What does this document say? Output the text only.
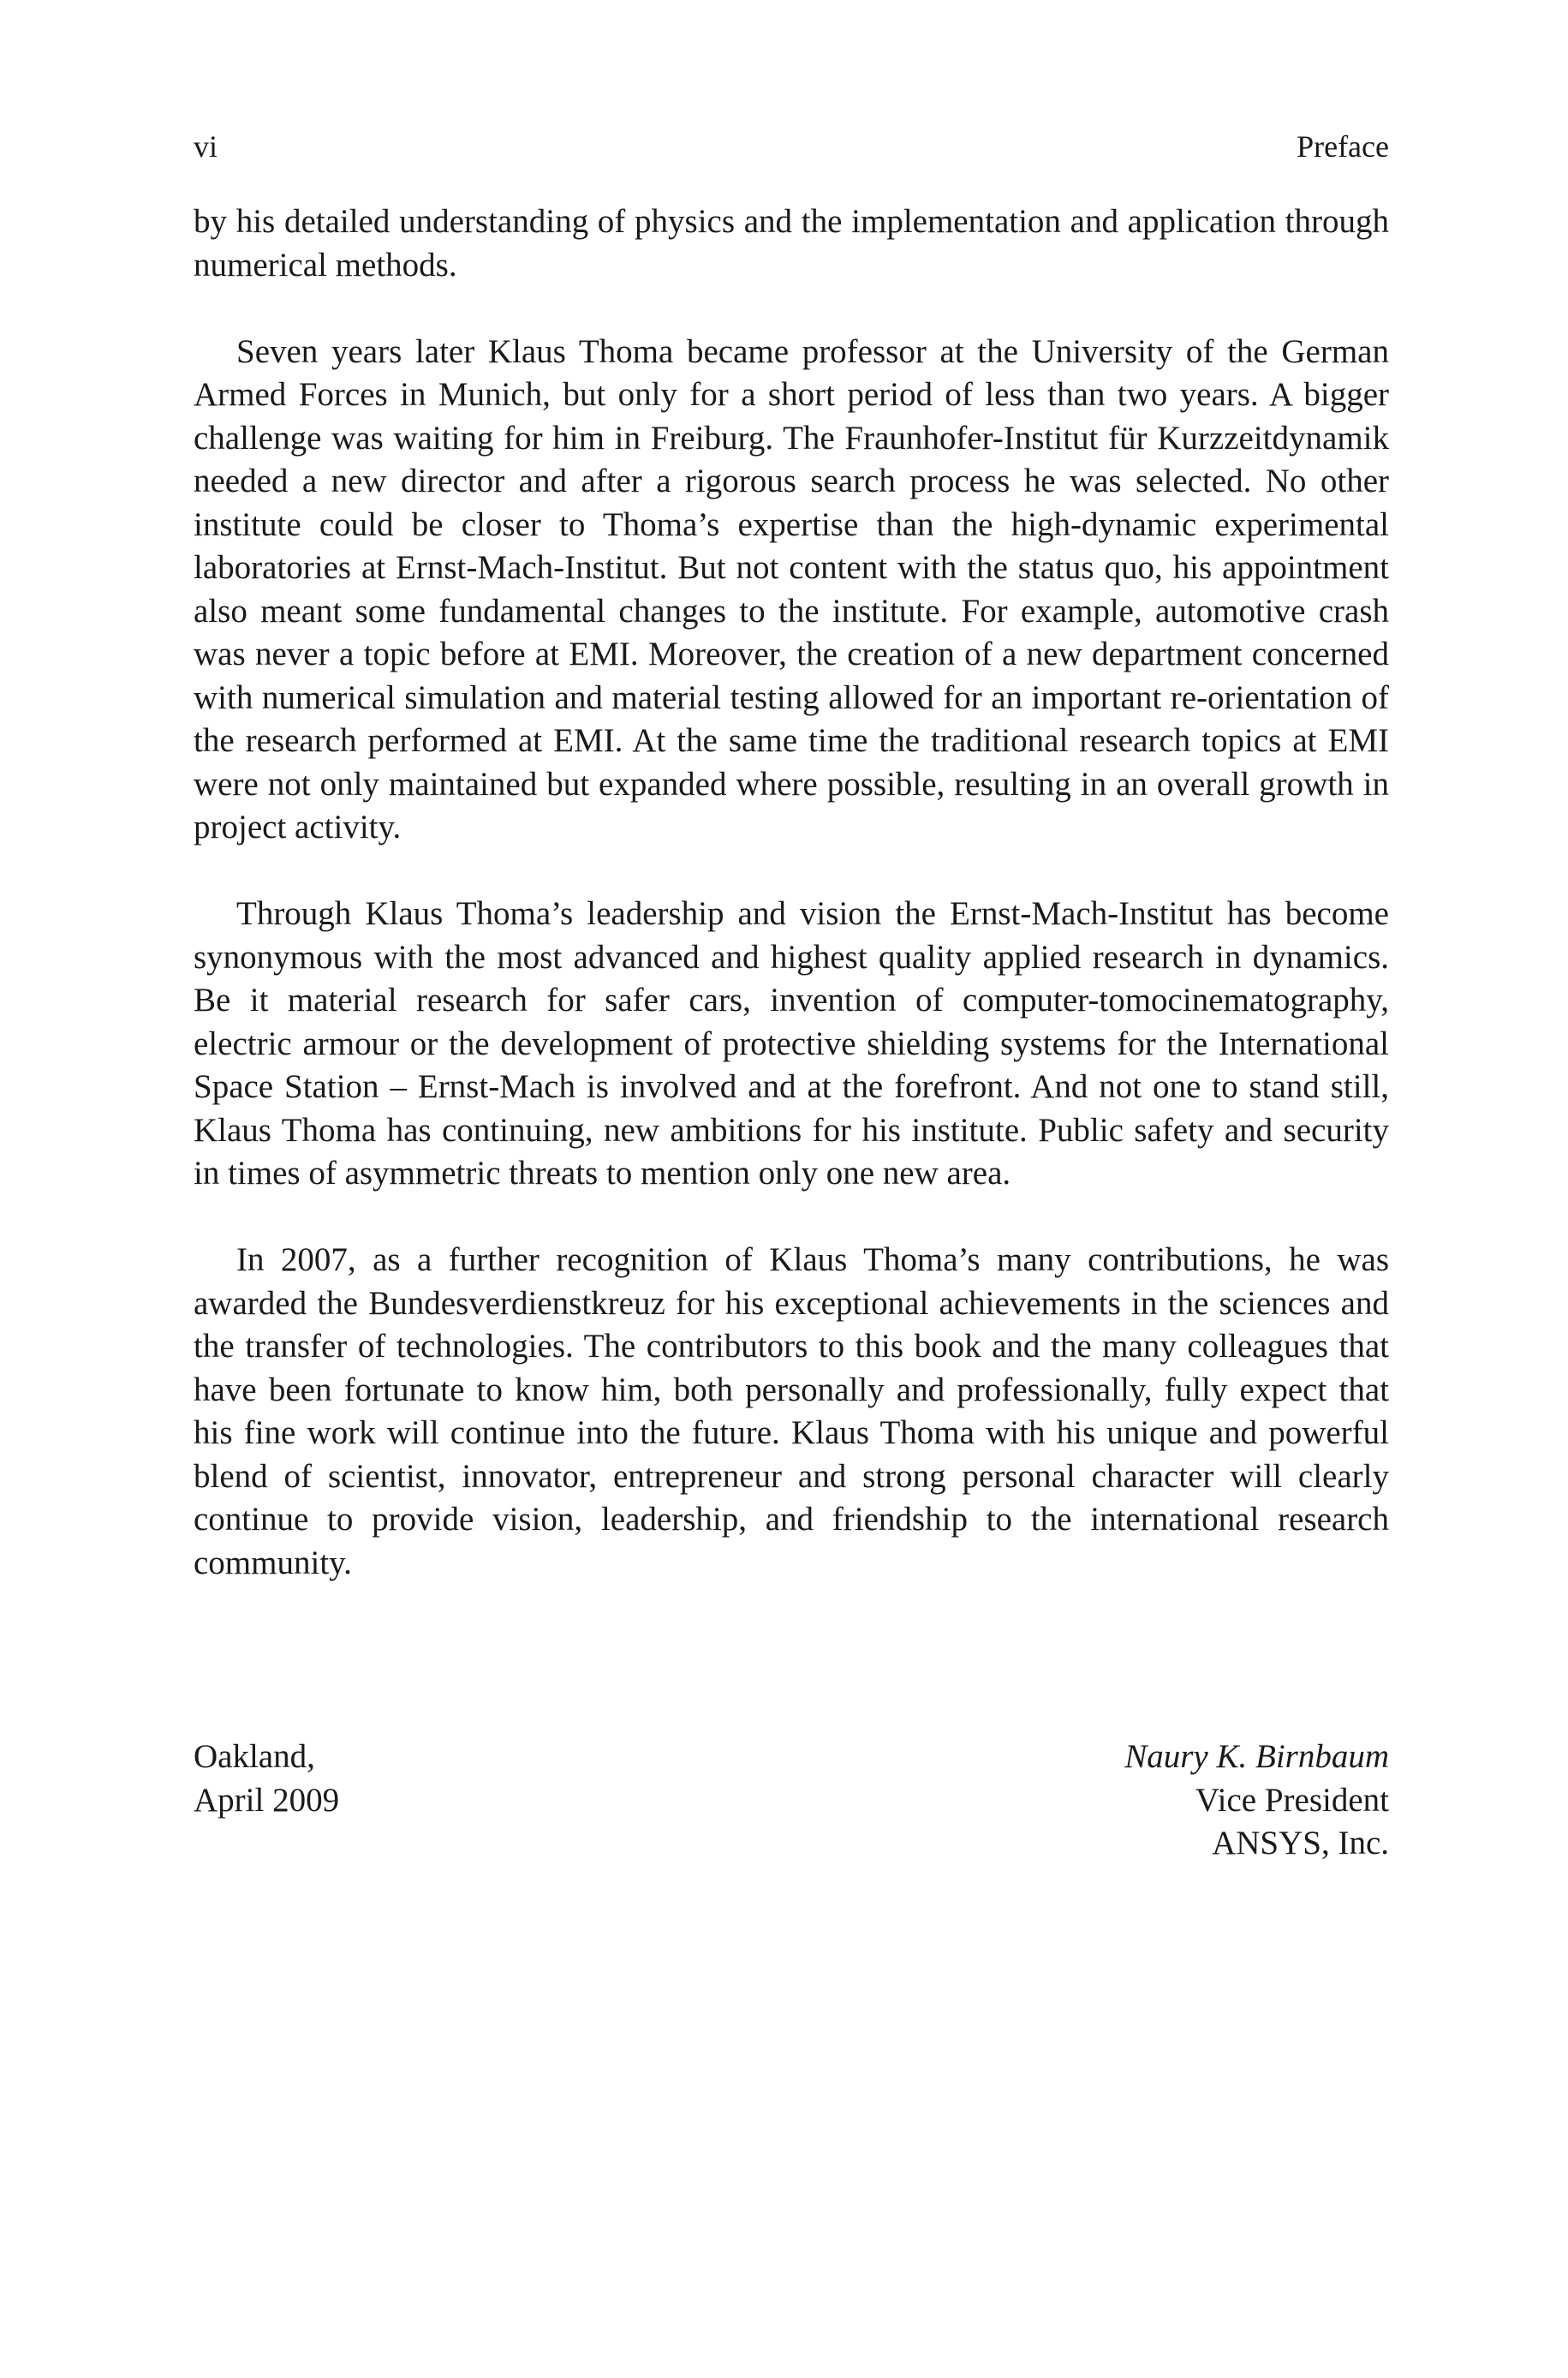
vi	Preface

by his detailed understanding of physics and the implementation and application through numerical methods.

Seven years later Klaus Thoma became professor at the University of the German Armed Forces in Munich, but only for a short period of less than two years. A bigger challenge was waiting for him in Freiburg. The Fraunhofer-Institut für Kurzzeitdynamik needed a new director and after a rigorous search process he was selected. No other institute could be closer to Thoma’s expertise than the high-dynamic experimental laboratories at Ernst-Mach-Institut. But not content with the status quo, his appointment also meant some fundamental changes to the institute. For example, automotive crash was never a topic before at EMI. Moreover, the creation of a new department concerned with numerical simulation and material testing allowed for an important re-orientation of the research performed at EMI. At the same time the traditional research topics at EMI were not only maintained but expanded where possible, resulting in an overall growth in project activity.

Through Klaus Thoma’s leadership and vision the Ernst-Mach-Institut has become synonymous with the most advanced and highest quality applied research in dynamics. Be it material research for safer cars, invention of computer-tomocinematography, electric armour or the development of protective shielding systems for the International Space Station – Ernst-Mach is involved and at the forefront. And not one to stand still, Klaus Thoma has continuing, new ambitions for his institute. Public safety and security in times of asymmetric threats to mention only one new area.

In 2007, as a further recognition of Klaus Thoma’s many contributions, he was awarded the Bundesverdienstkreuz for his exceptional achievements in the sciences and the transfer of technologies. The contributors to this book and the many colleagues that have been fortunate to know him, both personally and professionally, fully expect that his fine work will continue into the future. Klaus Thoma with his unique and powerful blend of scientist, innovator, entrepreneur and strong personal character will clearly continue to provide vision, leadership, and friendship to the international research community.

Oakland,
April 2009
Naury K. Birnbaum
Vice President
ANSYS, Inc.
